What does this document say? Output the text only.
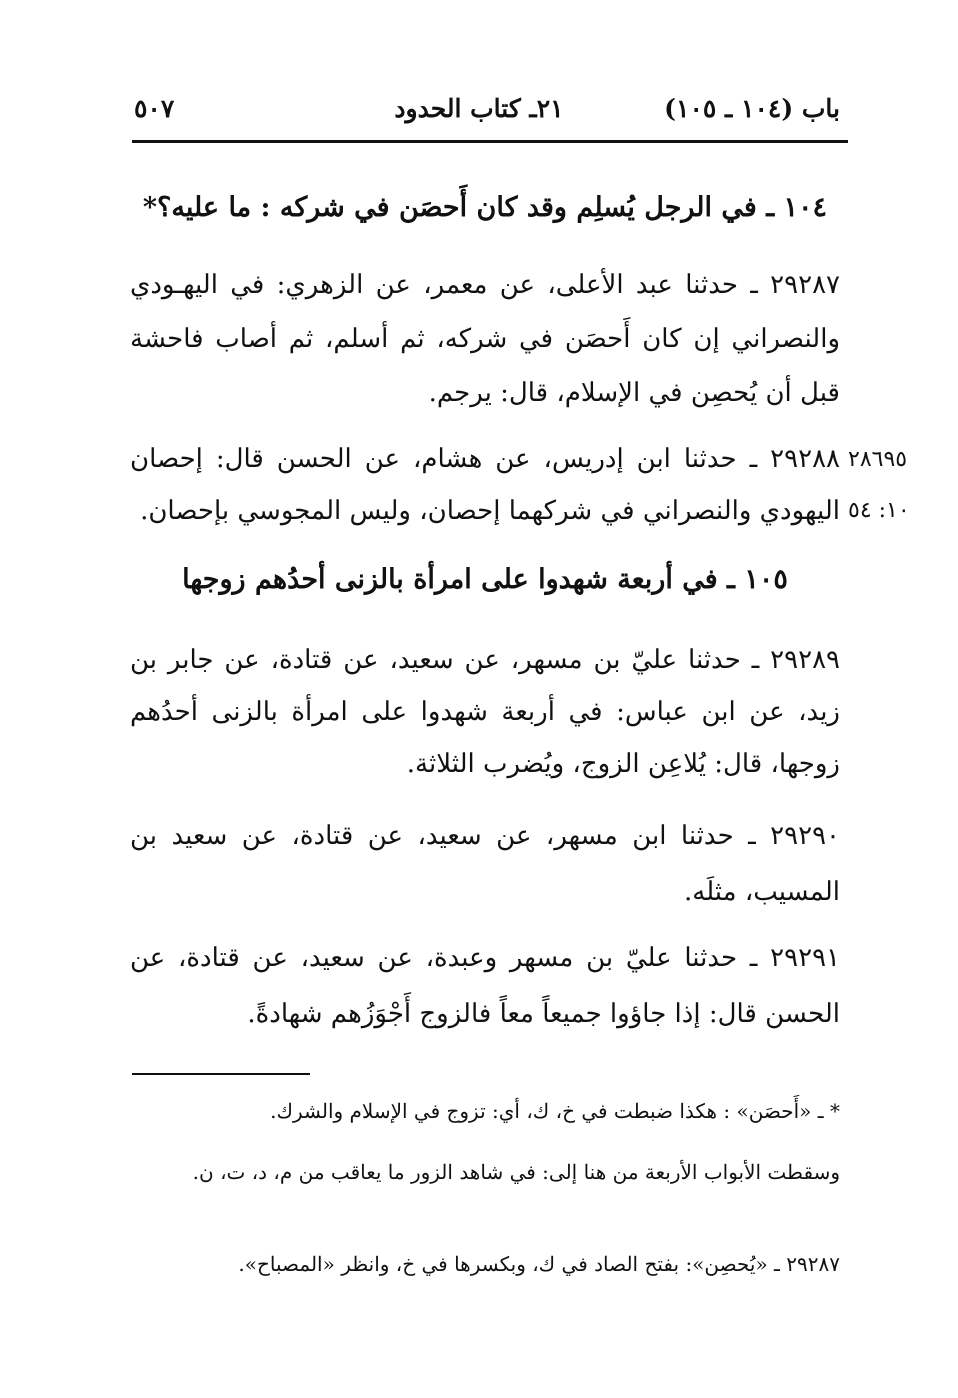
باب (١٠٤ ـ ١٠٥)
٢١ـ كتاب الحدود
٥٠٧
١٠٤ ـ في الرجل يُسلِم وقد كان أَحصَن في شركه : ما عليه؟*

٢٩٢٨٧ ـ حدثنا عبد الأعلى، عن معمر، عن الزهري: في اليهـودي والنصراني إن كان أَحصَن في شركه، ثم أسلم، ثم أصاب فاحشة قبل أن يُحصِن في الإسلام، قال: يرجم.

٢٩٢٨٨ ـ حدثنا ابن إدريس، عن هشام، عن الحسن قال: إحصان اليهودي والنصراني في شركهما إحصان، وليس المجوسي بإحصان.

٢٨٦٩٥
١٠: ٥٤
١٠٥ ـ في أربعة شهدوا على امرأة بالزنى أحدُهم زوجها

٢٩٢٨٩ ـ حدثنا عليّ بن مسهر، عن سعيد، عن قتادة، عن جابر بن زيد، عن ابن عباس: في أربعة شهدوا على امرأة بالزنى أحدُهم زوجها، قال: يُلاعِن الزوج، ويُضرب الثلاثة.

٢٩٢٩٠ ـ حدثنا ابن مسهر، عن سعيد، عن قتادة، عن سعيد بن المسيب، مثلَه.

٢٩٢٩١ ـ حدثنا عليّ بن مسهر وعبدة، عن سعيد، عن قتادة، عن الحسن قال: إذا جاؤوا جميعاً معاً فالزوج أَجْوَزُهم شهادةً.

* ـ «أَحصَن» : هكذا ضبطت في خ، ك، أي: تزوج في الإسلام والشرك.

وسقطت الأبواب الأربعة من هنا إلى: في شاهد الزور ما يعاقب من م، د، ت، ن.

٢٩٢٨٧ ـ «يُحصِن»: بفتح الصاد في ك، وبكسرها في خ، وانظر «المصباح».
